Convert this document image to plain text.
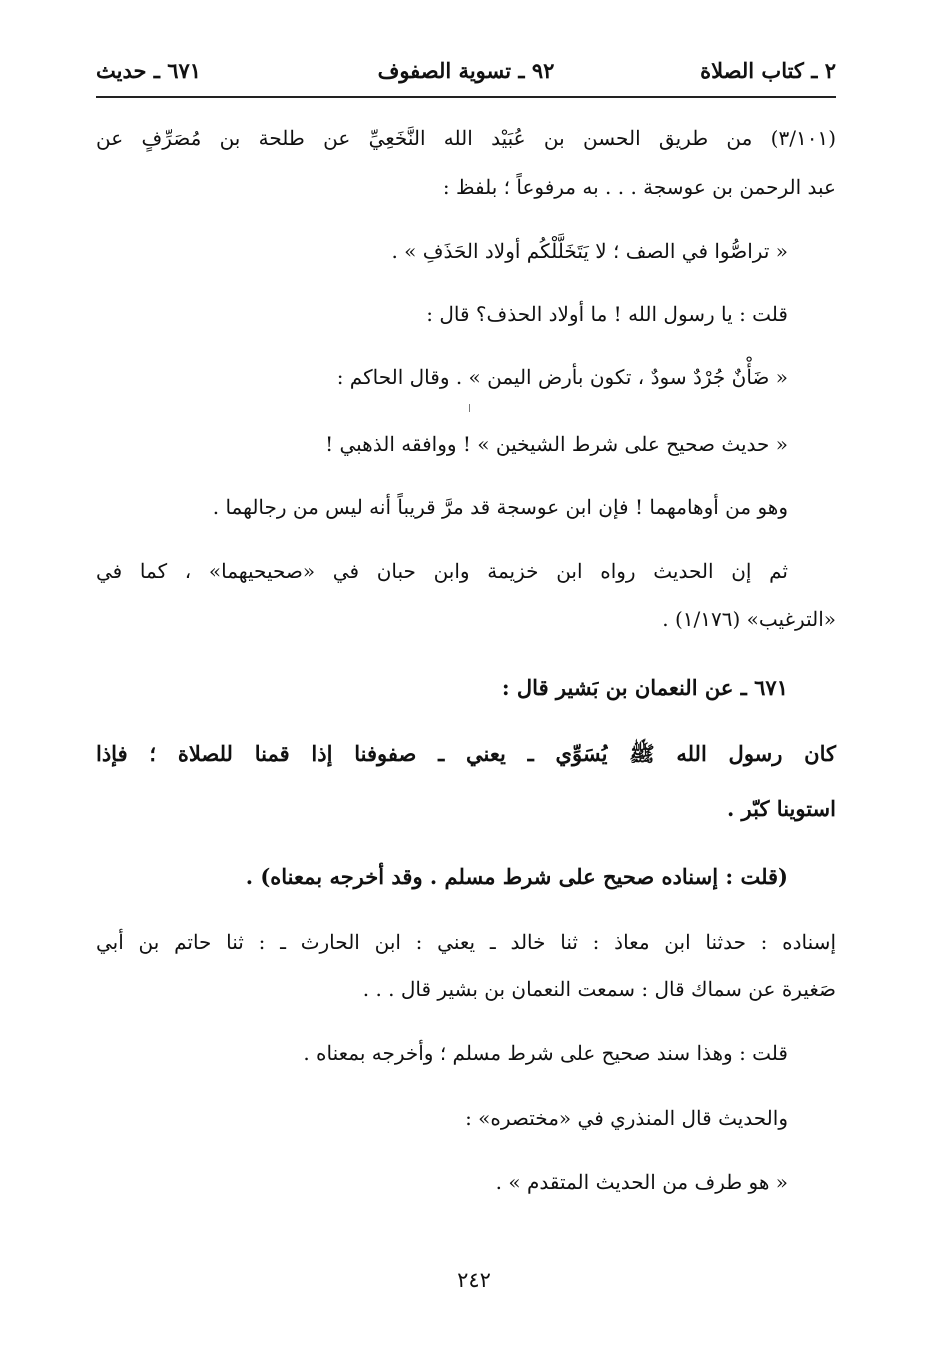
٢ ـ كتاب الصلاة
٩٢ ـ تسوية الصفوف
٦٧١ ـ حديث
(٣/١٠١) من طريق الحسن بن عُبَيْد الله النَّخَعِيِّ عن طلحة بن مُصَرِّفٍ عن
عبد الرحمن بن عوسجة . . . به مرفوعاً ؛ بلفظ :
« تراصُّوا في الصف ؛ لا يَتَخَلَّلْكُم أولاد الحَذَفِ » .
قلت : يا رسول الله ! ما أولاد الحذف؟ قال :
« ضَأْنٌ جُرْدٌ سودٌ ، تكون بأرض اليمن » . وقال الحاكم :
« حديث صحيح على شرط الشيخين » ! ووافقه الذهبي !
وهو من أوهامهما ! فإن ابن عوسجة قد مرَّ قريباً أنه ليس من رجالهما .
ثم إن الحديث رواه ابن خزيمة وابن حبان في «صحيحيهما» ، كما في
«الترغيب» (١/١٧٦) .
٦٧١ ـ عن النعمان بن بَشير قال :
كان رسول الله ﷺ يُسَوِّي ـ يعني ـ صفوفنا إذا قمنا للصلاة ؛ فإذا
استوينا كبّر .
(قلت : إسناده صحيح على شرط مسلم . وقد أخرجه بمعناه) .
إسناده : حدثنا ابن معاذ : ثنا خالد ـ يعني : ابن الحارث ـ : ثنا حاتم بن أبي
صَغيرة عن سماك قال : سمعت النعمان بن بشير قال . . .
قلت : وهذا سند صحيح على شرط مسلم ؛ وأخرجه بمعناه .
والحديث قال المنذري في «مختصره» :
« هو طرف من الحديث المتقدم » .
٢٤٢
